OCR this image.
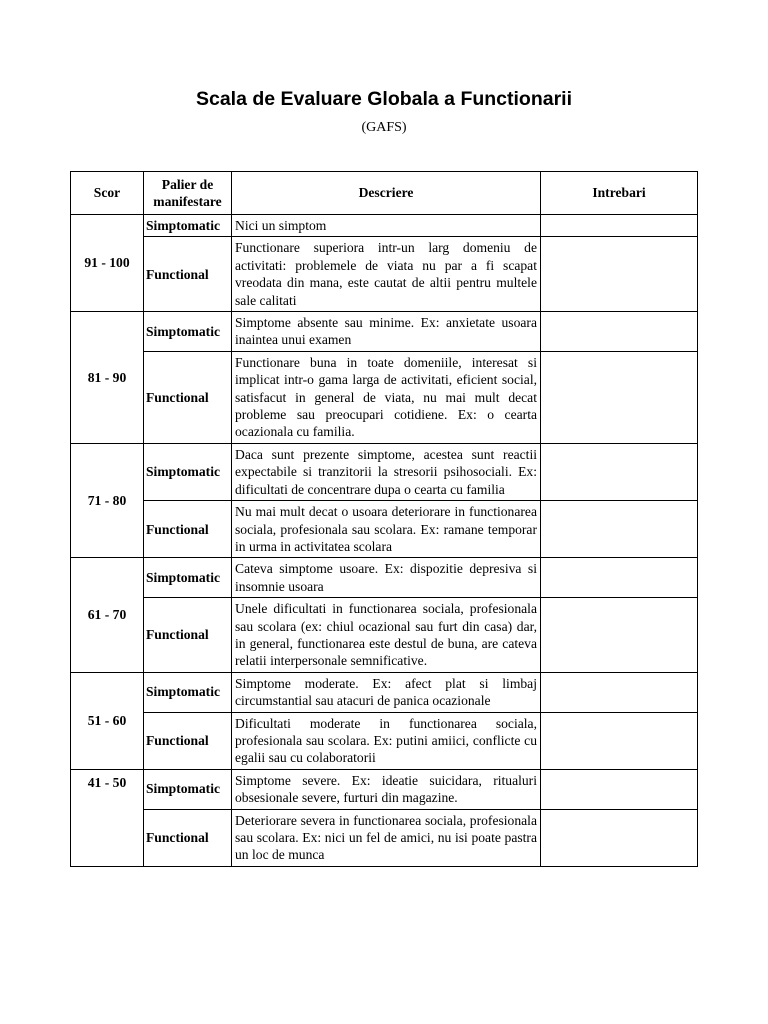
Scala de Evaluare Globala a Functionarii
(GAFS)
Scor	Palier de manifestare	Descriere	Intrebari
91 - 100	Simptomatic	Nici un simptom	
	Functional	Functionare superiora intr-un larg domeniu de activitati: problemele de viata nu par a fi scapat vreodata din mana, este cautat de altii pentru multele sale calitati	
81 - 90	Simptomatic	Simptome absente sau minime. Ex: anxietate usoara inaintea unui examen	
	Functional	Functionare buna in toate domeniile, interesat si implicat intr-o gama larga de activitati, eficient social, satisfacut in general de viata, nu mai mult decat probleme sau preocupari cotidiene. Ex: o cearta ocazionala cu familia.	
71 - 80	Simptomatic	Daca sunt prezente simptome, acestea sunt reactii expectabile si tranzitorii la stresorii psihosociali. Ex: dificultati de concentrare dupa o cearta cu familia	
	Functional	Nu mai mult decat o usoara deteriorare in functionarea sociala, profesionala sau scolara. Ex: ramane temporar in urma in activitatea scolara	
61 - 70	Simptomatic	Cateva simptome usoare. Ex: dispozitie depresiva si insomnie usoara	
	Functional	Unele dificultati in functionarea sociala, profesionala sau scolara (ex: chiul ocazional sau furt din casa) dar, in general, functionarea este destul de buna, are cateva relatii interpersonale semnificative.	
51 - 60	Simptomatic	Simptome moderate. Ex: afect plat si limbaj circumstantial sau atacuri de panica ocazionale	
	Functional	Dificultati moderate in functionarea sociala, profesionala sau scolara. Ex: putini amiici, conflicte cu egalii sau cu colaboratorii	
41 - 50	Simptomatic	Simptome severe. Ex: ideatie suicidara, ritualuri obsesionale severe, furturi din magazine.	
	Functional	Deteriorare severa in functionarea sociala, profesionala sau scolara. Ex: nici un fel de amici, nu isi poate pastra un loc de munca	
